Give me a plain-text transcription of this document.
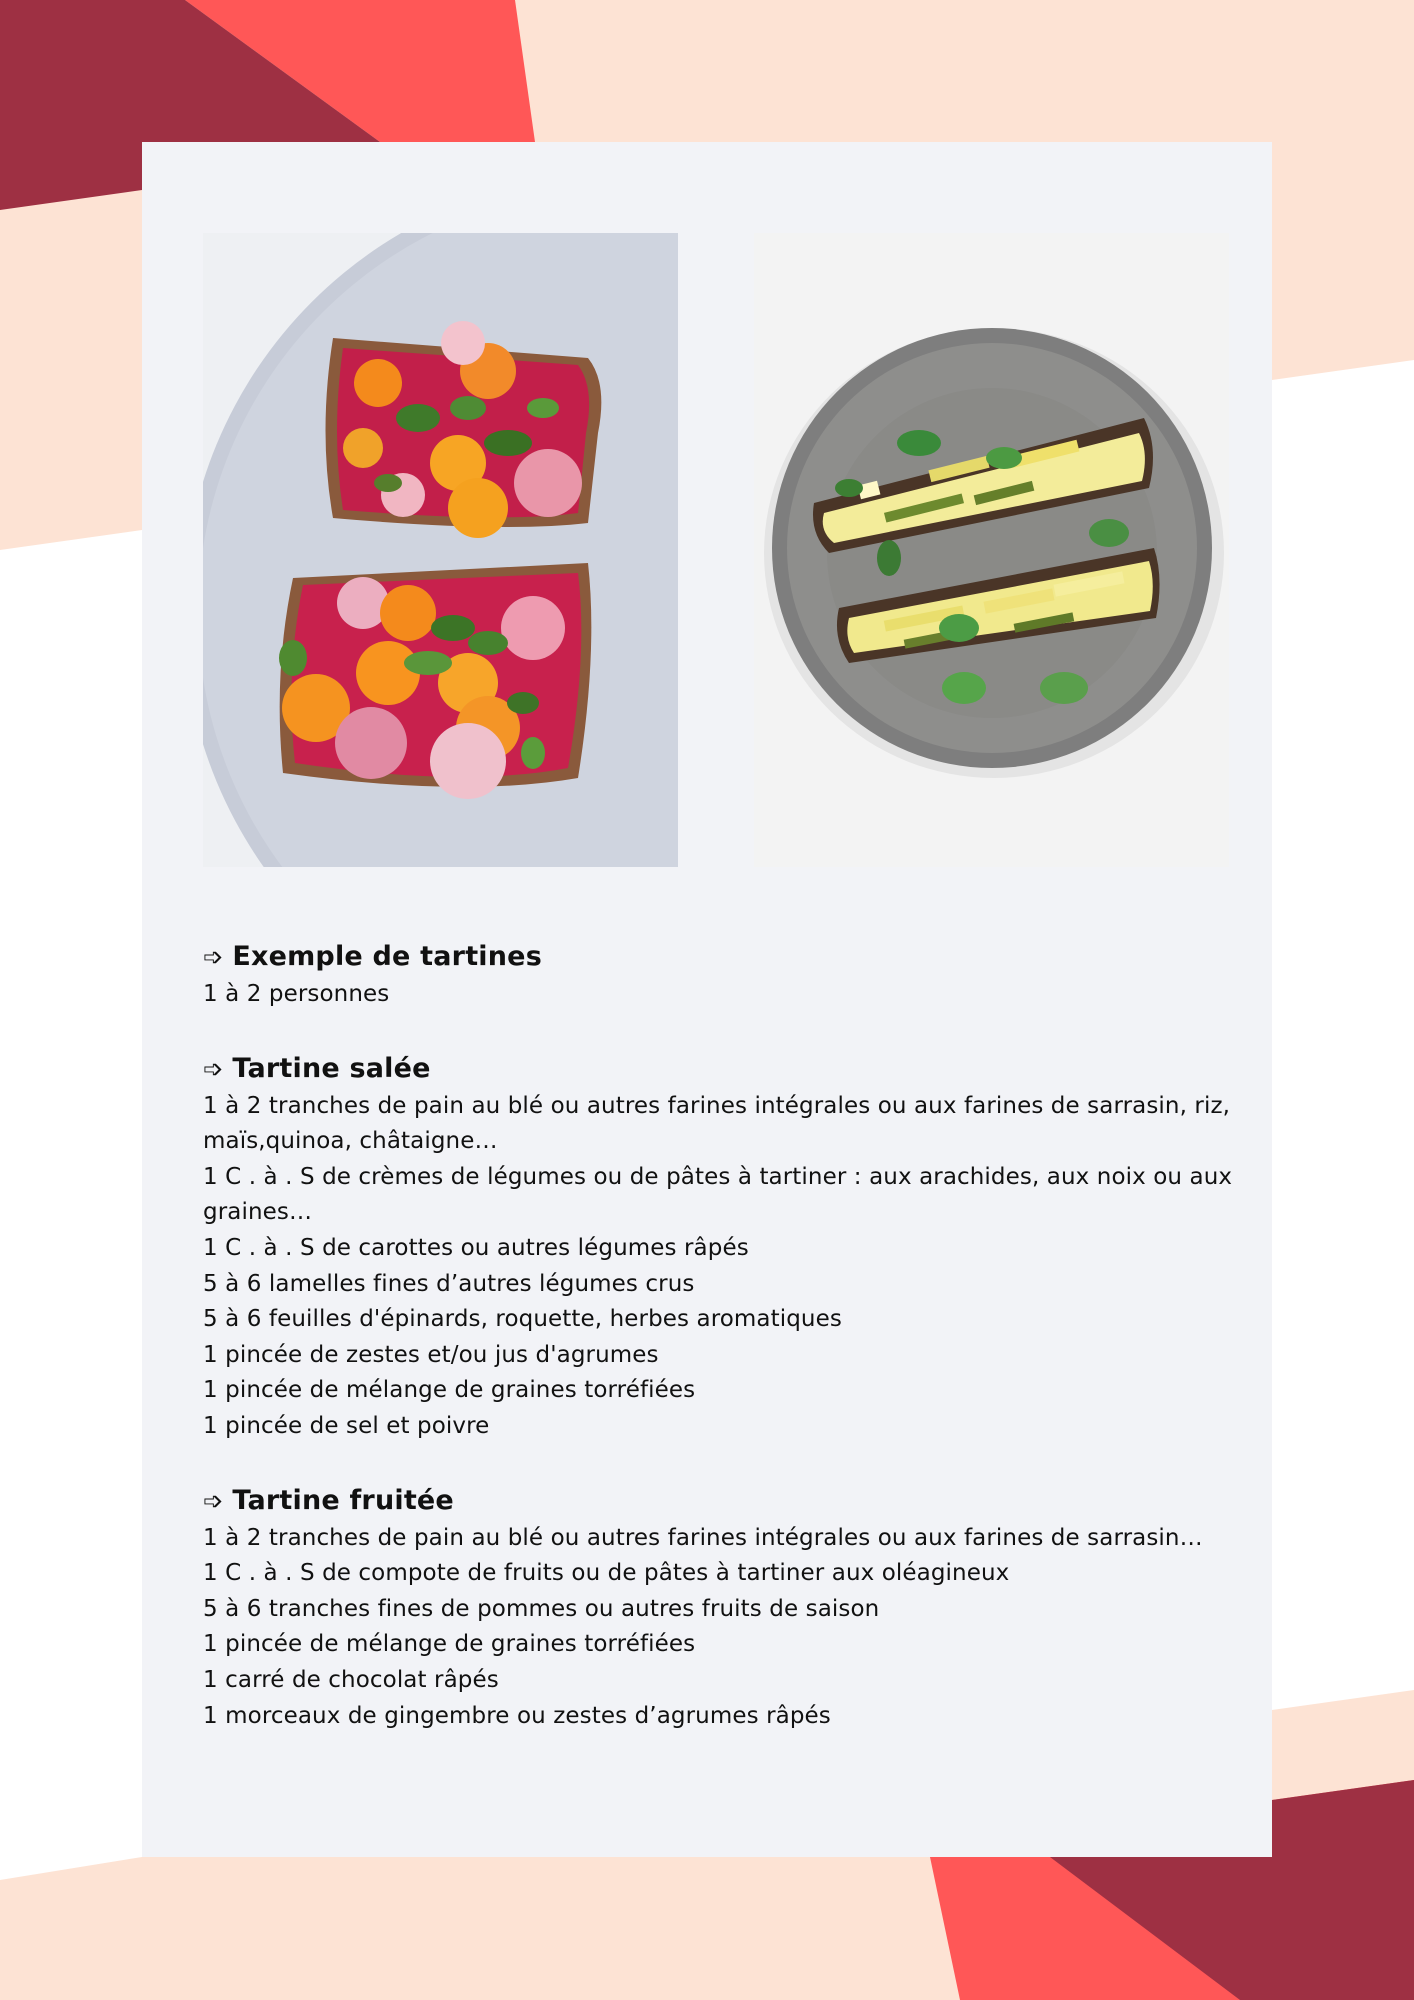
➩ Exemple de tartines
1 à 2 personnes
➩ Tartine salée
1 à 2 tranches de pain au blé ou autres farines intégrales ou aux farines de sarrasin, riz,
maïs,quinoa, châtaigne…
1 C . à . S de crèmes de légumes ou de pâtes à tartiner : aux arachides, aux noix ou aux
graines…
1 C . à . S de carottes ou autres légumes râpés
5 à 6 lamelles fines d’autres légumes crus
5 à 6 feuilles d'épinards, roquette, herbes aromatiques
1 pincée de zestes et/ou jus d'agrumes
1 pincée de mélange de graines torréfiées
1 pincée de sel et poivre
➩ Tartine fruitée
1 à 2 tranches de pain au blé ou autres farines intégrales ou aux farines de sarrasin…
1 C . à . S de compote de fruits ou de pâtes à tartiner aux oléagineux
5 à 6 tranches fines de pommes ou autres fruits de saison
1 pincée de mélange de graines torréfiées
1 carré de chocolat râpés
1 morceaux de gingembre ou zestes d’agrumes râpés
